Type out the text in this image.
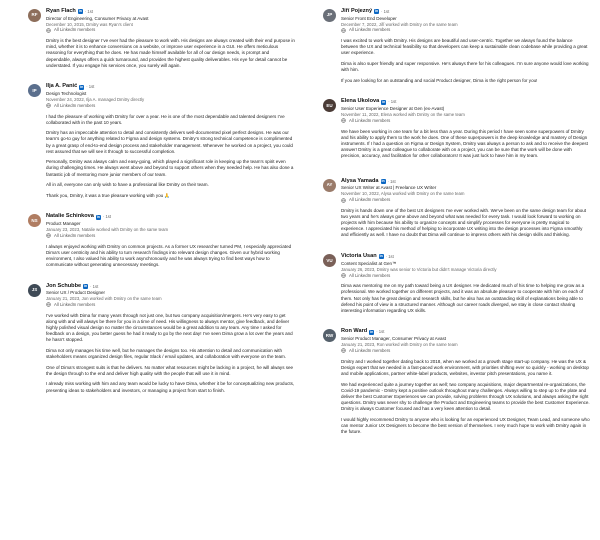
RF
Ryan Flach in · 1st
Director of Engineering, Consumer Privacy at Avast
December 10, 2015, Dmitry was Ryan’s client
All LinkedIn members

Dmitry is the best designer I’ve ever had the pleasure to work with. His designs are always created with their end purpose in mind, whether it is to enhance conversions on a website, or improve user experience in a GUI. He offers meticulous reasoning for everything that he does. He has made himself available for all of our design needs, is prompt and dependable, always offers a quick turnaround, and provides the highest quality deliverables. His eye for detail cannot be understated. If you engage his services once, you surely will again.

IP
Ilja A. Panić in · 1st
Design Technologist
November 24, 2022, Ilja A. managed Dmitry directly
All LinkedIn members

I had the pleasure of working with Dmitry for over a year. He is one of the most dependable and talented designers I’ve collaborated with in the past 10 years.

Dmitry has an impeccable attention to detail and consistently delivers well-documented pixel perfect designs. He was our team’s go-to guy for anything related to Figma and design systems. Dmitry’s strong technical competence is complimented by a great grasp of end-to-end design process and stakeholder management. Whenever he worked on a project, you could rest assured that we will see it through to successful completion.

Personally, Dmitry was always calm and easy-going, which played a significant role in keeping up the team’s spirit even during challenging times. He always went above and beyond to support others when they needed help. He has also done a fantastic job of mentoring more junior members of our team.

All in all, everyone can only wish to have a professional like Dmitry on their team.

Thank you, Dmitry, it was a true pleasure working with you 🙏

NS
Natalie Schinkova in · 1st
Product Manager
January 23, 2023, Natalie worked with Dmitry on the same team
All LinkedIn members

I always enjoyed working with Dmitry on common projects. As a former UX researcher turned PM, I especially appreciated Dima’s user centricity and his ability to turn research findings into relevant design changes. Given our hybrid working environment, I also valued his ability to work asynchronously and he was always trying to find best ways how to communicate without generating unnecessary meetings.

JS
Jon Schubbe in · 1st
Senior UX / Product Designer
January 21, 2023, Jon worked with Dmitry on the same team
All LinkedIn members

I’ve worked with Dima for many years through not just one, but two company acquisition/mergers. He’s very easy to get along with and will always be there for you in a time of need. His willingness to always mentor, give feedback, and deliver highly polished visual design no matter the circumstances would be a great addition to any team. Any time I asked for feedback on a design, you better guess he had it ready to go by the next day! I’ve seen Dima grow a lot over the years and he hasn’t stopped.

Dima not only manages his time well, but he manages the designs too. His attention to detail and communication with stakeholders means organized design files, regular Slack / email updates, and collaboration with everyone on the team.

One of Dima’s strongest suits is that he delivers. No matter what resources might be lacking in a project, he will always see the design through to the end and deliver high quality with the people that will use it in mind.

I already miss working with him and any team would be lucky to have Dima, whether it be for conceptualizing new products, presenting ideas to stakeholders and investors, or managing a project from start to finish.

JP
Jiří Pojezný in · 1st
Senior Front End Developer
December 7, 2022, Jiří worked with Dmitry on the same team
All LinkedIn members

I was excited to work with Dmitry. His designs are beautiful and user-centric. Together we always found the balance between the UX and technical feasibility so that developers can keep a sustainable clean codebase while providing a great user experience.

Dima is also super friendly and super responsive. He’s always there for his colleagues. I’m sure anyone would love working with him.

If you are looking for an outstanding and social Product designer, Dima is the right person for you!

EU
Elena Ukolova in · 1st
Senior User Experience Designer at Gen (ex-Avast)
November 11, 2022, Elena worked with Dmitry on the same team
All LinkedIn members

We have been working in one team for a bit less than a year. During this period I have seen some superpowers of Dmitry and his ability to apply them to the work he does. One of these superpowers is the deep knowledge and mastery of Design instruments. If I had a question on Figma or Design System, Dmitry was always a person to ask and to receive the deepest answer! Dmitry is a great colleague to collaborate with on a project, you can be sure that the work will be done with precision, accuracy, and facilitation for other collaborators! It was just luck to have him in my team.

AY
Alysa Yamada in · 1st
Senior UX Writer at Avast | Freelance UX Writer
November 10, 2022, Alysa worked with Dmitry on the same team
All LinkedIn members

Dmitry is hands down one of the best UX designers I’ve ever worked with. We’ve been on the same design team for about two years and he’s always gone above and beyond what was needed for every task. I would look forward to working on projects with him because his ability to organize concepts and simplify processes for everyone is pretty magical to experience. I appreciated his method of helping to incorporate UX writing into the design processes into Figma smoothly and efficiently as well. I have no doubt that Dima will continue to impress others with his design skills and thinking.

VU
Victoria Usan in · 1st
Content Specialist at Gen™
January 26, 2023, Dmitry was senior to Victoria but didn’t manage Victoria directly
All LinkedIn members

Dima was mentoring me on my path toward being a UX designer. He dedicated much of his time to helping me grow as a professional. We worked together on different projects, and it was an absolute pleasure to cooperate with him on each of them. Not only has he great design and research skills, but he also has an outstanding skill of explanations being able to defend his point of view in a structured manner. Although our career roads diverged, we stay in close contact sharing interesting information regarding UX skills.

RW
Ron Ward in · 1st
Senior Product Manager, Consumer Privacy at Avast
January 21, 2023, Ron worked with Dmitry on the same team
All LinkedIn members

Dmitry and I worked together dating back to 2018, when we worked at a growth stage start-up company. He was the UX & Design expert that we needed in a fast-paced work environment, with priorities shifting ever so quickly - working on desktop and mobile applications, partner white-label products, websites, investor pitch presentations, you name it.

We had experienced quite a journey together as well; two company acquisitions, major departmental re-organizations, the Covid-19 pandemic - Dmitry kept a positive outlook throughout many challenges. Always willing to step up to the plate and deliver the best Customer Experiences we can provide, solving problems through UX solutions, and always asking the right questions. Dmitry was never shy to challenge the Product and Engineering teams to provide the best Customer Experience. Dmitry is always Customer focused and has a very keen attention to detail.

I would highly recommend Dmitry to anyone who is looking for an experienced UX Designer, Team Lead, and someone who can mentor Junior UX Designers to become the best version of themselves. I very much hope to work with Dmitry again in the future.
